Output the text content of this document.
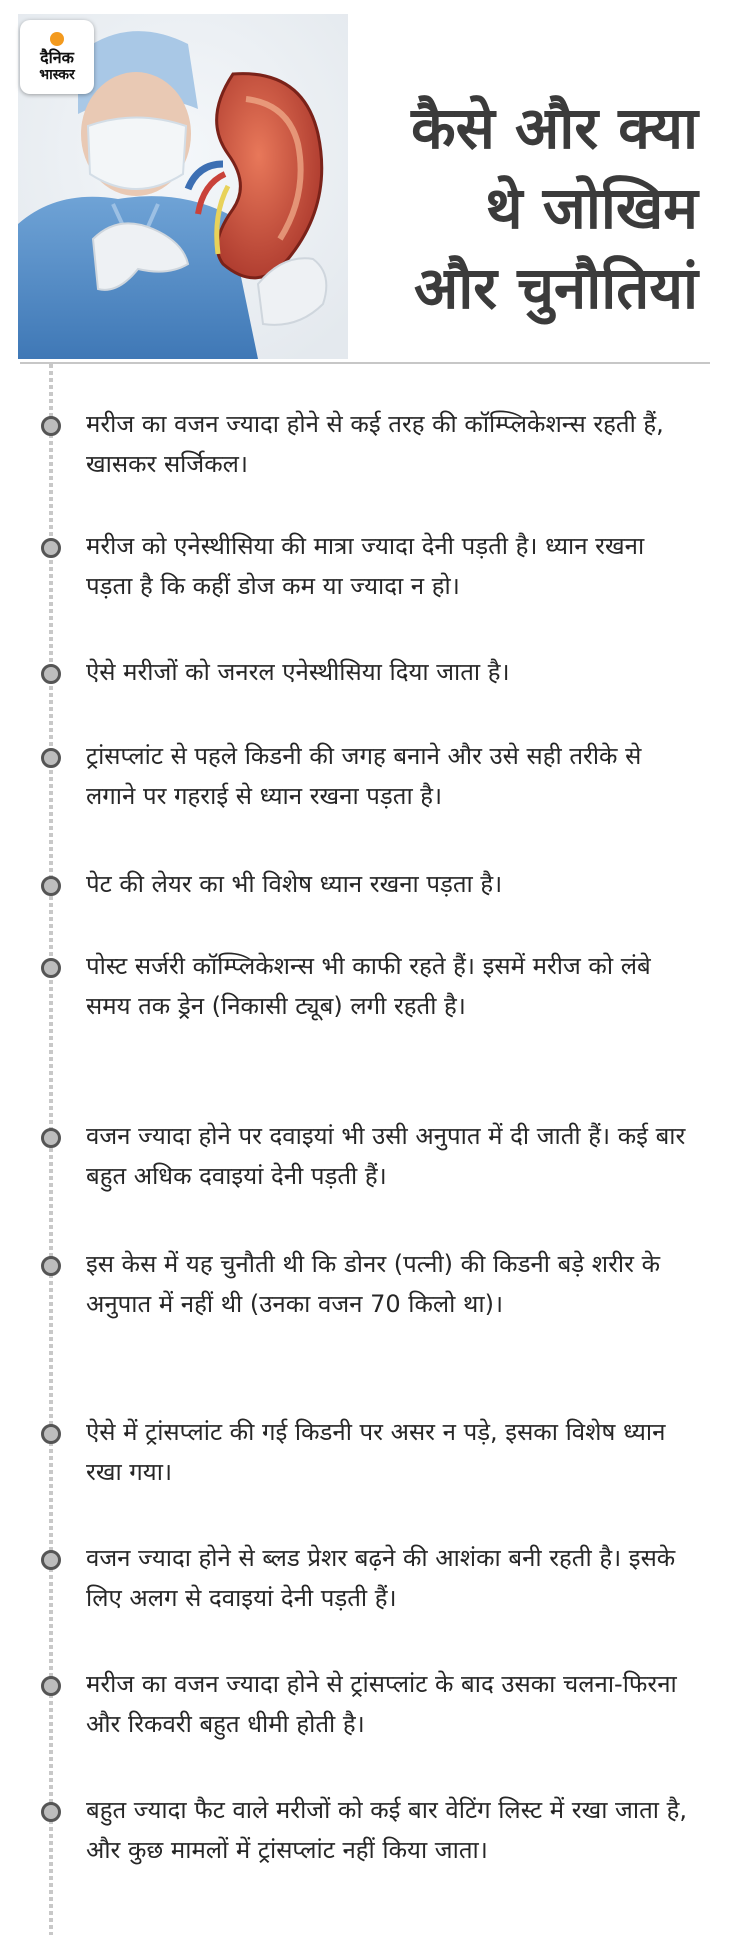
दैनिक
भास्कर
कैसे और क्या
थे जोखिम
और चुनौतियां
मरीज का वजन ज्यादा होने से कई तरह की कॉम्प्लिकेशन्स रहती हैं, खासकर सर्जिकल।
मरीज को एनेस्थीसिया की मात्रा ज्यादा देनी पड़ती है। ध्यान रखना पड़ता है कि कहीं डोज कम या ज्यादा न हो।
ऐसे मरीजों को जनरल एनेस्थीसिया दिया जाता है।
ट्रांसप्लांट से पहले किडनी की जगह बनाने और उसे सही तरीके से लगाने पर गहराई से ध्यान रखना पड़ता है।
पेट की लेयर का भी विशेष ध्यान रखना पड़ता है।
पोस्ट सर्जरी कॉम्प्लिकेशन्स भी काफी रहते हैं। इसमें मरीज को लंबे समय तक ड्रेन (निकासी ट्यूब) लगी रहती है।
वजन ज्यादा होने पर दवाइयां भी उसी अनुपात में दी जाती हैं। कई बार बहुत अधिक दवाइयां देनी पड़ती हैं।
इस केस में यह चुनौती थी कि डोनर (पत्नी) की किडनी बड़े शरीर के अनुपात में नहीं थी (उनका वजन 70 किलो था)।
ऐसे में ट्रांसप्लांट की गई किडनी पर असर न पड़े, इसका विशेष ध्यान रखा गया।
वजन ज्यादा होने से ब्लड प्रेशर बढ़ने की आशंका बनी रहती है। इसके लिए अलग से दवाइयां देनी पड़ती हैं।
मरीज का वजन ज्यादा होने से ट्रांसप्लांट के बाद उसका चलना-फिरना और रिकवरी बहुत धीमी होती है।
बहुत ज्यादा फैट वाले मरीजों को कई बार वेटिंग लिस्ट में रखा जाता है, और कुछ मामलों में ट्रांसप्लांट नहीं किया जाता।
